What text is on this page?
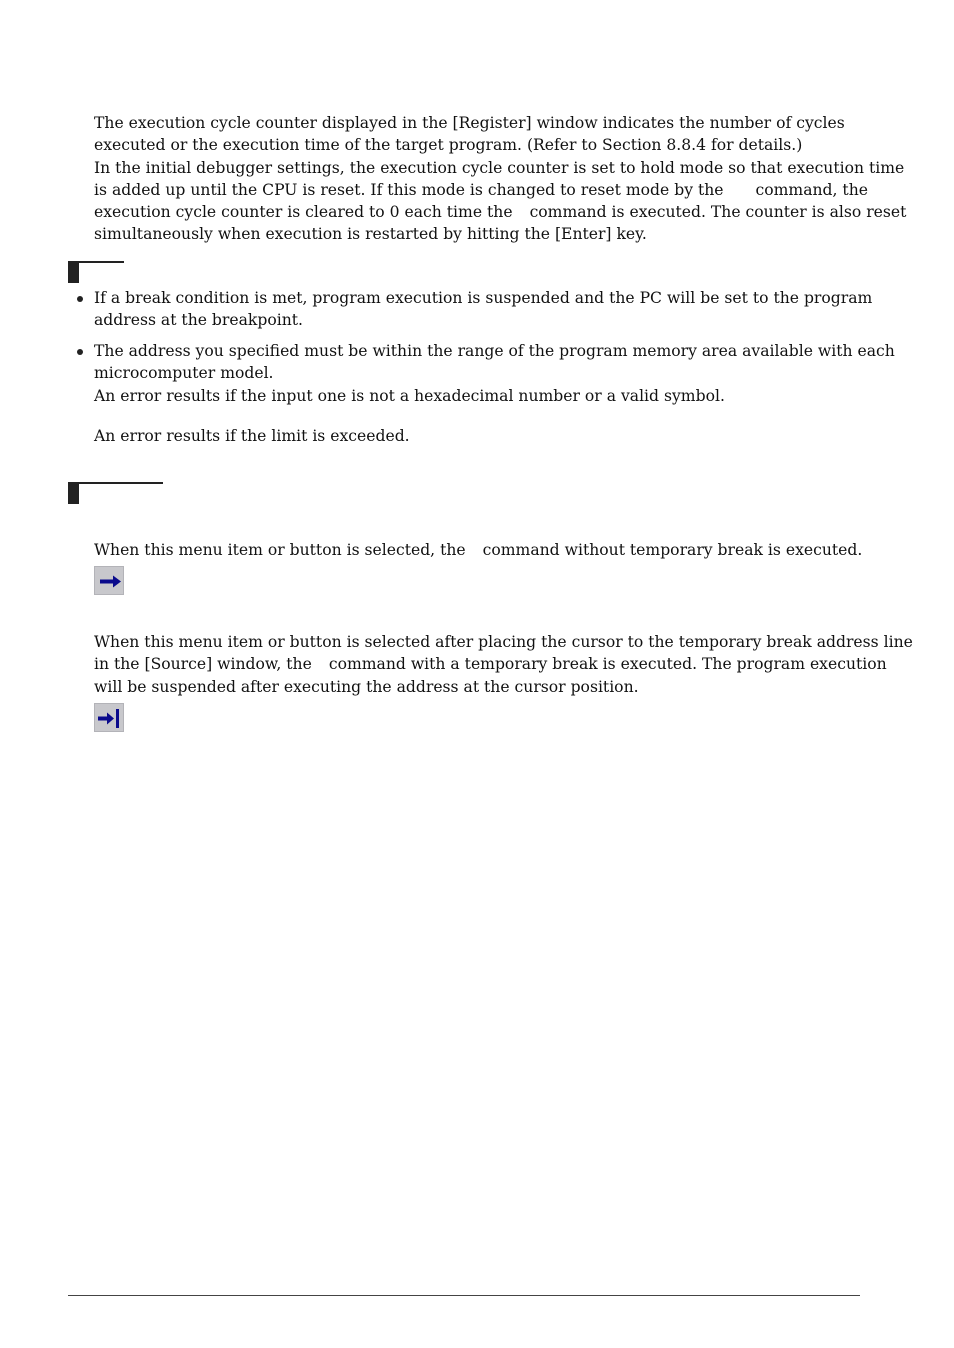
The execution cycle counter displayed in the [Register] window indicates the number of cycles
executed or the execution time of the target program. (Refer to Section 8.8.4 for details.)
In the initial debugger settings, the execution cycle counter is set to hold mode so that execution time
is added up until the CPU is reset. If this mode is changed to reset mode by the command, the
execution cycle counter is cleared to 0 each time the command is executed. The counter is also reset
simultaneously when execution is restarted by hitting the [Enter] key.
If a break condition is met, program execution is suspended and the PC will be set to the program
address at the breakpoint.
The address you specified must be within the range of the program memory area available with each
microcomputer model.
An error results if the input one is not a hexadecimal number or a valid symbol.
An error results if the limit is exceeded.
When this menu item or button is selected, the command without temporary break is executed.
When this menu item or button is selected after placing the cursor to the temporary break address line
in the [Source] window, the command with a temporary break is executed. The program execution
will be suspended after executing the address at the cursor position.
